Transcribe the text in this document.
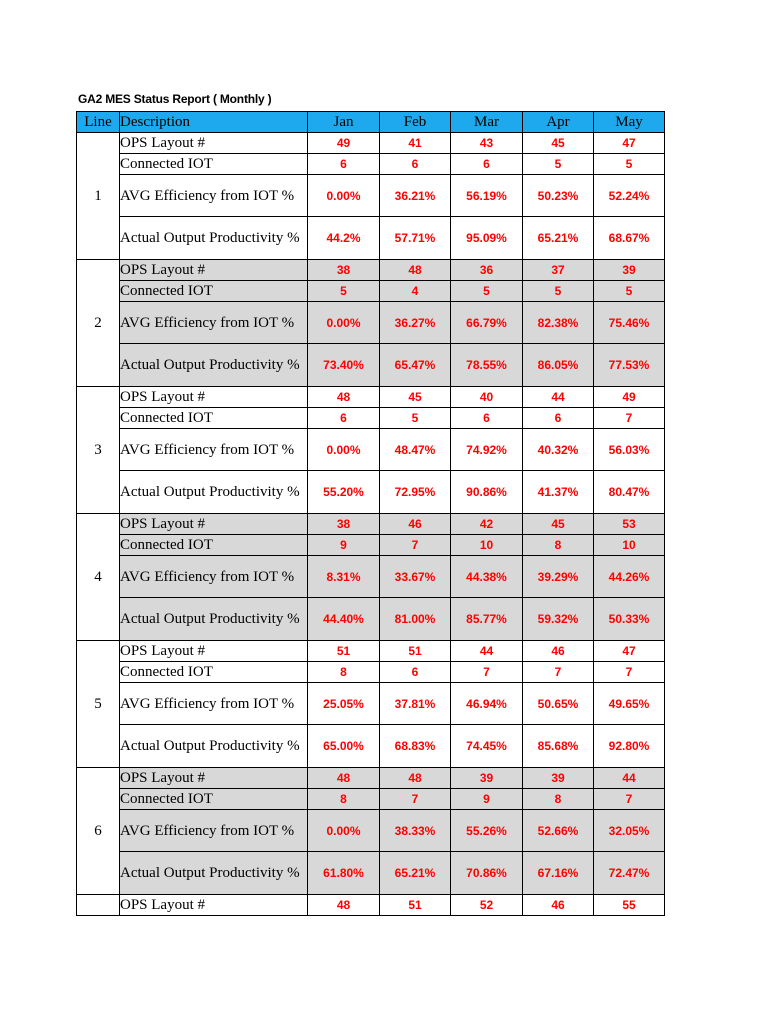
GA2 MES Status Report ( Monthly )
Line	Description	Jan	Feb	Mar	Apr	May
1	OPS Layout #	49	41	43	45	47
	Connected IOT	6	6	6	5	5
	AVG Efficiency from IOT %	0.00%	36.21%	56.19%	50.23%	52.24%
	Actual Output Productivity %	44.2%	57.71%	95.09%	65.21%	68.67%
2	OPS Layout #	38	48	36	37	39
	Connected IOT	5	4	5	5	5
	AVG Efficiency from IOT %	0.00%	36.27%	66.79%	82.38%	75.46%
	Actual Output Productivity %	73.40%	65.47%	78.55%	86.05%	77.53%
3	OPS Layout #	48	45	40	44	49
	Connected IOT	6	5	6	6	7
	AVG Efficiency from IOT %	0.00%	48.47%	74.92%	40.32%	56.03%
	Actual Output Productivity %	55.20%	72.95%	90.86%	41.37%	80.47%
4	OPS Layout #	38	46	42	45	53
	Connected IOT	9	7	10	8	10
	AVG Efficiency from IOT %	8.31%	33.67%	44.38%	39.29%	44.26%
	Actual Output Productivity %	44.40%	81.00%	85.77%	59.32%	50.33%
5	OPS Layout #	51	51	44	46	47
	Connected IOT	8	6	7	7	7
	AVG Efficiency from IOT %	25.05%	37.81%	46.94%	50.65%	49.65%
	Actual Output Productivity %	65.00%	68.83%	74.45%	85.68%	92.80%
6	OPS Layout #	48	48	39	39	44
	Connected IOT	8	7	9	8	7
	AVG Efficiency from IOT %	0.00%	38.33%	55.26%	52.66%	32.05%
	Actual Output Productivity %	61.80%	65.21%	70.86%	67.16%	72.47%
	OPS Layout #	48	51	52	46	55
